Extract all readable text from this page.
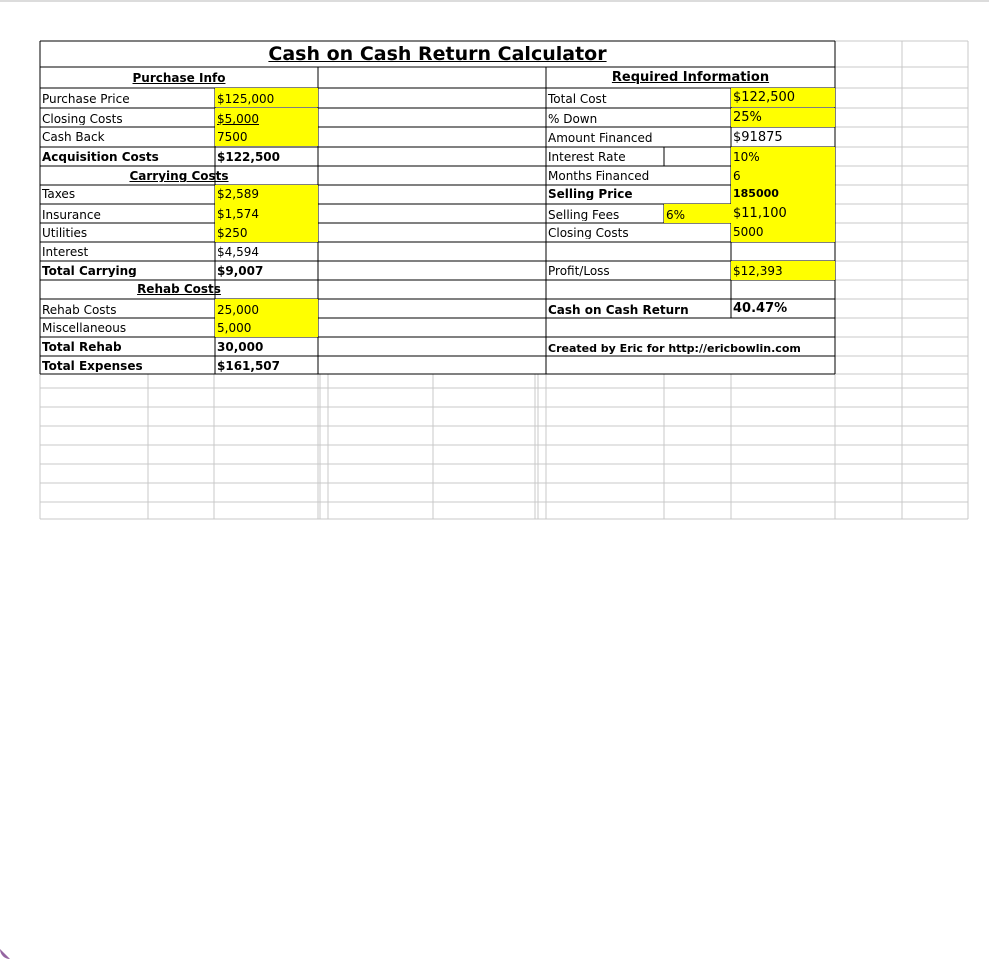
Cash on Cash Return Calculator
Purchase Info
Purchase Price	$125,000
Closing Costs	$5,000
Cash Back	7500
Acquisition Costs	$122,500
Carrying Costs
Taxes	$2,589
Insurance	$1,574
Utilities	$250
Interest	$4,594
Total Carrying	$9,007
Rehab Costs
Rehab Costs	25,000
Miscellaneous	5,000
Total Rehab	30,000
Total Expenses	$161,507
Required Information
Total Cost	$122,500
% Down	25%
Amount Financed	$91875
Interest Rate	10%
Months Financed	6
Selling Price	185000
Selling Fees	6%	$11,100
Closing Costs	5000
Profit/Loss	$12,393
Cash on Cash Return	40.47%
Created by Eric for http://ericbowlin.com
